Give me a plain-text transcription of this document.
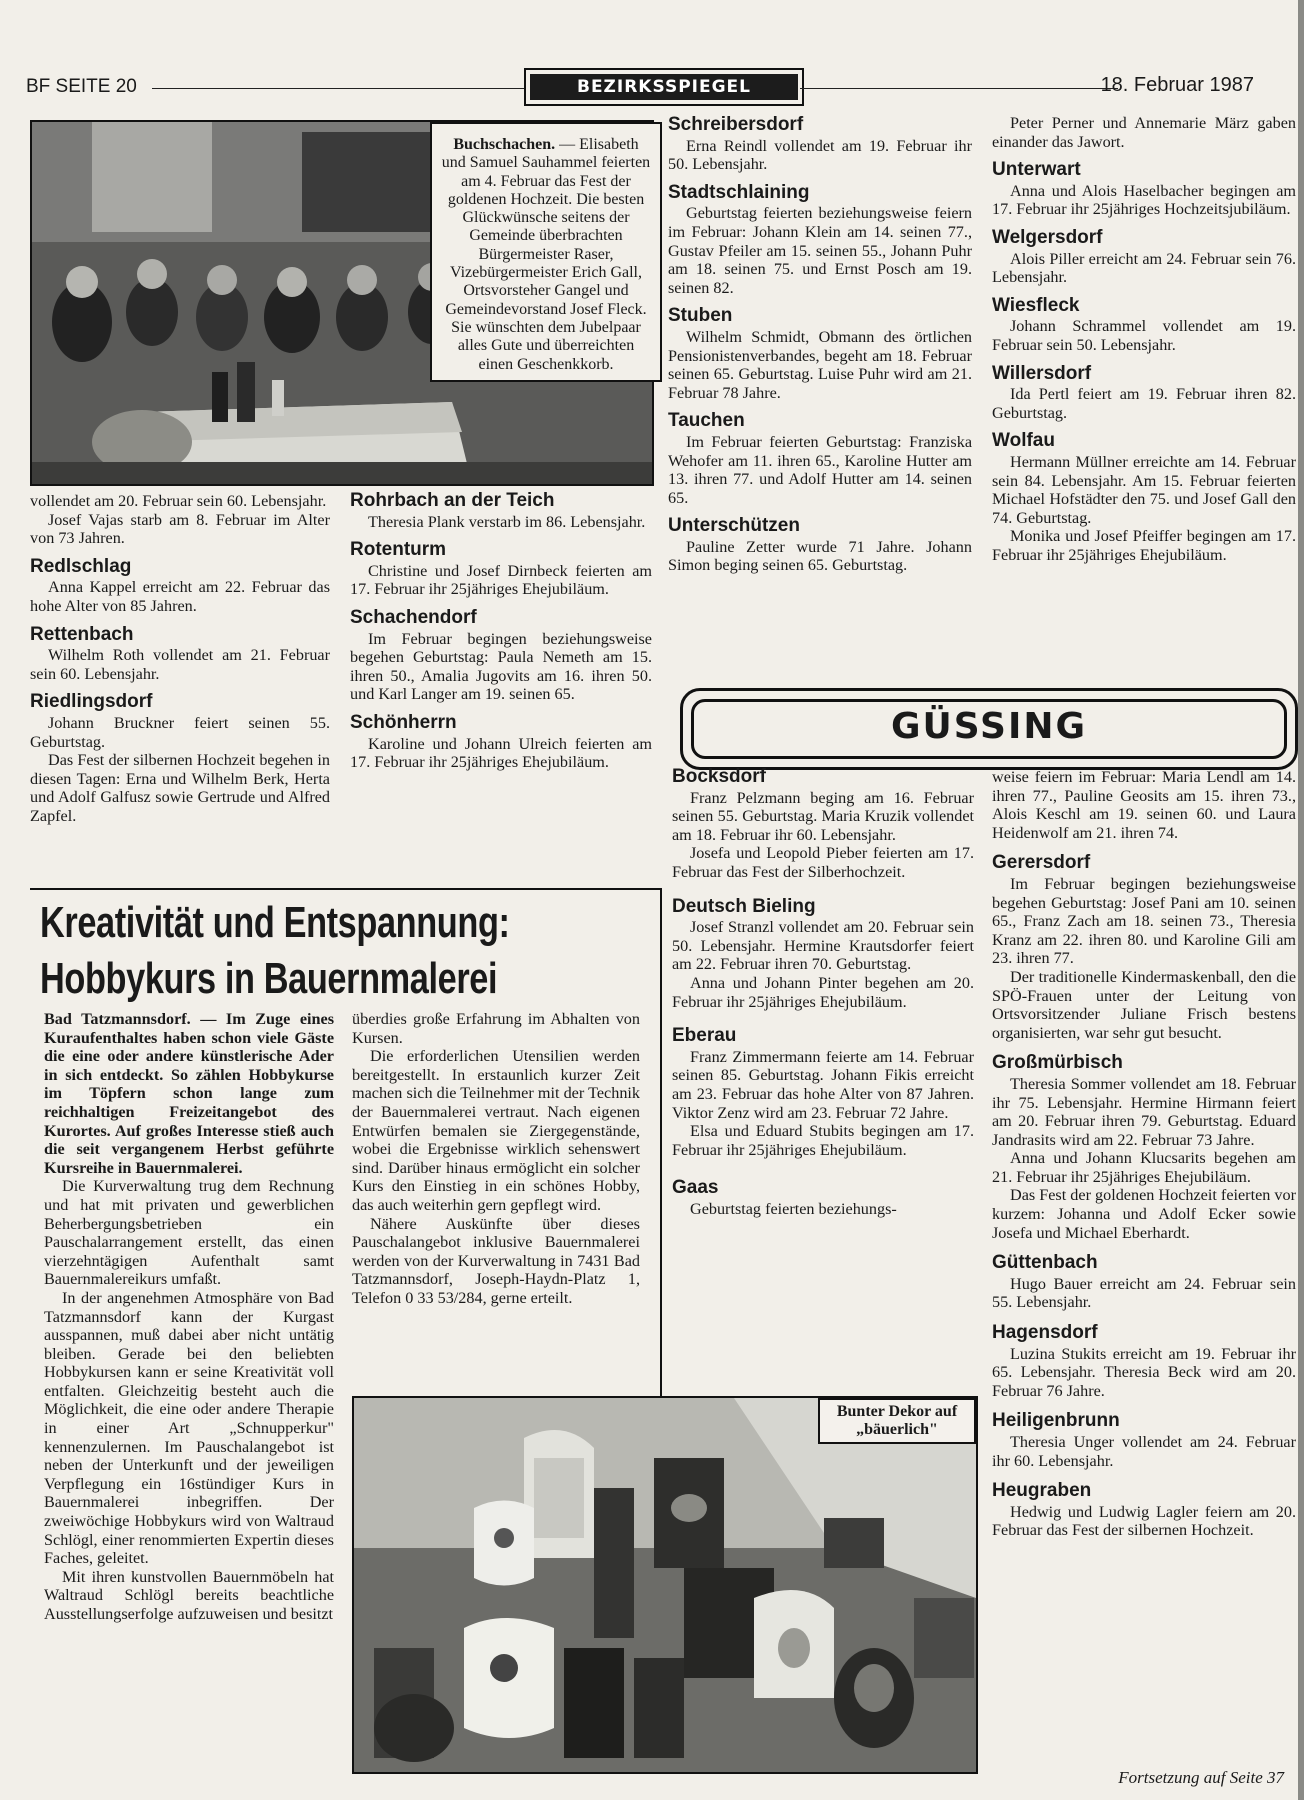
BF SEITE 20	BEZIRKSSPIEGEL	18. Februar 1987

Buchschachen. — Elisabeth und Samuel Sauhammel feierten am 4. Februar das Fest der goldenen Hochzeit. Die besten Glückwünsche seitens der Gemeinde überbrachten Bürgermeister Raser, Vizebürgermeister Erich Gall, Ortsvorsteher Gangel und Gemeindevorstand Josef Fleck. Sie wünschten dem Jubelpaar alles Gute und überreichten einen Geschenkkorb.

vollendet am 20. Februar sein 60. Lebensjahr.

Josef Vajas starb am 8. Februar im Alter von 73 Jahren.

Redlschlag

Anna Kappel erreicht am 22. Februar das hohe Alter von 85 Jahren.

Rettenbach

Wilhelm Roth vollendet am 21. Februar sein 60. Lebensjahr.

Riedlingsdorf

Johann Bruckner feiert seinen 55. Geburtstag.

Das Fest der silbernen Hochzeit begehen in diesen Tagen: Erna und Wilhelm Berk, Herta und Adolf Galfusz sowie Gertrude und Alfred Zapfel.

Rohrbach an der Teich

Theresia Plank verstarb im 86. Lebensjahr.

Rotenturm

Christine und Josef Dirnbeck feierten am 17. Februar ihr 25jähriges Ehejubiläum.

Schachendorf

Im Februar begingen beziehungsweise begehen Geburtstag: Paula Nemeth am 15. ihren 50., Amalia Jugovits am 16. ihren 50. und Karl Langer am 19. seinen 65.

Schönherrn

Karoline und Johann Ulreich feierten am 17. Februar ihr 25jähriges Ehejubiläum.

Schreibersdorf

Erna Reindl vollendet am 19. Februar ihr 50. Lebensjahr.

Stadtschlaining

Geburtstag feierten beziehungsweise feiern im Februar: Johann Klein am 14. seinen 77., Gustav Pfeiler am 15. seinen 55., Johann Puhr am 18. seinen 75. und Ernst Posch am 19. seinen 82.

Stuben

Wilhelm Schmidt, Obmann des örtlichen Pensionistenverbandes, begeht am 18. Februar seinen 65. Geburtstag. Luise Puhr wird am 21. Februar 78 Jahre.

Tauchen

Im Februar feierten Geburtstag: Franziska Wehofer am 11. ihren 65., Karoline Hutter am 13. ihren 77. und Adolf Hutter am 14. seinen 65.

Unterschützen

Pauline Zetter wurde 71 Jahre. Johann Simon beging seinen 65. Geburtstag.

Peter Perner und Annemarie März gaben einander das Jawort.

Unterwart

Anna und Alois Haselbacher begingen am 17. Februar ihr 25jähriges Hochzeitsjubiläum.

Welgersdorf

Alois Piller erreicht am 24. Februar sein 76. Lebensjahr.

Wiesfleck

Johann Schrammel vollendet am 19. Februar sein 50. Lebensjahr.

Willersdorf

Ida Pertl feiert am 19. Februar ihren 82. Geburtstag.

Wolfau

Hermann Müllner erreichte am 14. Februar sein 84. Lebensjahr. Am 15. Februar feierten Michael Hofstädter den 75. und Josef Gall den 74. Geburtstag.

Monika und Josef Pfeiffer begingen am 17. Februar ihr 25jähriges Ehejubiläum.

GÜSSING
Bocksdorf

Franz Pelzmann beging am 16. Februar seinen 55. Geburtstag. Maria Kruzik vollendet am 18. Februar ihr 60. Lebensjahr.

Josefa und Leopold Pieber feierten am 17. Februar das Fest der Silberhochzeit.

Deutsch Bieling

Josef Stranzl vollendet am 20. Februar sein 50. Lebensjahr. Hermine Krautsdorfer feiert am 22. Februar ihren 70. Geburtstag.

Anna und Johann Pinter begehen am 20. Februar ihr 25jähriges Ehejubiläum.

Eberau

Franz Zimmermann feierte am 14. Februar seinen 85. Geburtstag. Johann Fikis erreicht am 23. Februar das hohe Alter von 87 Jahren. Viktor Zenz wird am 23. Februar 72 Jahre.

Elsa und Eduard Stubits begingen am 17. Februar ihr 25jähriges Ehejubiläum.

Gaas

Geburtstag feierten beziehungs-

weise feiern im Februar: Maria Lendl am 14. ihren 77., Pauline Geosits am 15. ihren 73., Alois Keschl am 19. seinen 60. und Laura Heidenwolf am 21. ihren 74.

Gerersdorf

Im Februar begingen beziehungsweise begehen Geburtstag: Josef Pani am 10. seinen 65., Franz Zach am 18. seinen 73., Theresia Kranz am 22. ihren 80. und Karoline Gili am 23. ihren 77.

Der traditionelle Kindermaskenball, den die SPÖ-Frauen unter der Leitung von Ortsvorsitzender Juliane Frisch bestens organisierten, war sehr gut besucht.

Großmürbisch

Theresia Sommer vollendet am 18. Februar ihr 75. Lebensjahr. Hermine Hirmann feiert am 20. Februar ihren 79. Geburtstag. Eduard Jandrasits wird am 22. Februar 73 Jahre.

Anna und Johann Klucsarits begehen am 21. Februar ihr 25jähriges Ehejubiläum.

Das Fest der goldenen Hochzeit feierten vor kurzem: Johanna und Adolf Ecker sowie Josefa und Michael Eberhardt.

Güttenbach

Hugo Bauer erreicht am 24. Februar sein 55. Lebensjahr.

Hagensdorf

Luzina Stukits erreicht am 19. Februar ihr 65. Lebensjahr. Theresia Beck wird am 20. Februar 76 Jahre.

Heiligenbrunn

Theresia Unger vollendet am 24. Februar ihr 60. Lebensjahr.

Heugraben

Hedwig und Ludwig Lagler feiern am 20. Februar das Fest der silbernen Hochzeit.

Kreativität und Entspannung:
Hobbykurs in Bauernmalerei

Bad Tatzmannsdorf. — Im Zuge eines Kuraufenthaltes haben schon viele Gäste die eine oder andere künstlerische Ader in sich entdeckt. So zählen Hobbykurse im Töpfern schon lange zum reichhaltigen Freizeitangebot des Kurortes. Auf großes Interesse stieß auch die seit vergangenem Herbst geführte Kursreihe in Bauernmalerei.

Die Kurverwaltung trug dem Rechnung und hat mit privaten und gewerblichen Beherbergungsbetrieben ein Pauschalarrangement erstellt, das einen vierzehntägigen Aufenthalt samt Bauernmalereikurs umfaßt.

In der angenehmen Atmosphäre von Bad Tatzmannsdorf kann der Kurgast ausspannen, muß dabei aber nicht untätig bleiben. Gerade bei den beliebten Hobbykursen kann er seine Kreativität voll entfalten. Gleichzeitig besteht auch die Möglichkeit, die eine oder andere Therapie in einer Art „Schnupperkur" kennenzulernen. Im Pauschalangebot ist neben der Unterkunft und der jeweiligen Verpflegung ein 16stündiger Kurs in Bauernmalerei inbegriffen. Der zweiwöchige Hobbykurs wird von Waltraud Schlögl, einer renommierten Expertin dieses Faches, geleitet.

Mit ihren kunstvollen Bauernmöbeln hat Waltraud Schlögl bereits beachtliche Ausstellungserfolge aufzuweisen und besitzt

überdies große Erfahrung im Abhalten von Kursen.

Die erforderlichen Utensilien werden bereitgestellt. In erstaunlich kurzer Zeit machen sich die Teilnehmer mit der Technik der Bauernmalerei vertraut. Nach eigenen Entwürfen bemalen sie Ziergegenstände, wobei die Ergebnisse wirklich sehenswert sind. Darüber hinaus ermöglicht ein solcher Kurs den Einstieg in ein schönes Hobby, das auch weiterhin gern gepflegt wird.

Nähere Auskünfte über dieses Pauschalangebot inklusive Bauernmalerei werden von der Kurverwaltung in 7431 Bad Tatzmannsdorf, Joseph-Haydn-Platz 1, Telefon 0 33 53/284, gerne erteilt.

Bunter Dekor auf „bäuerlich"
Fortsetzung auf Seite 37
